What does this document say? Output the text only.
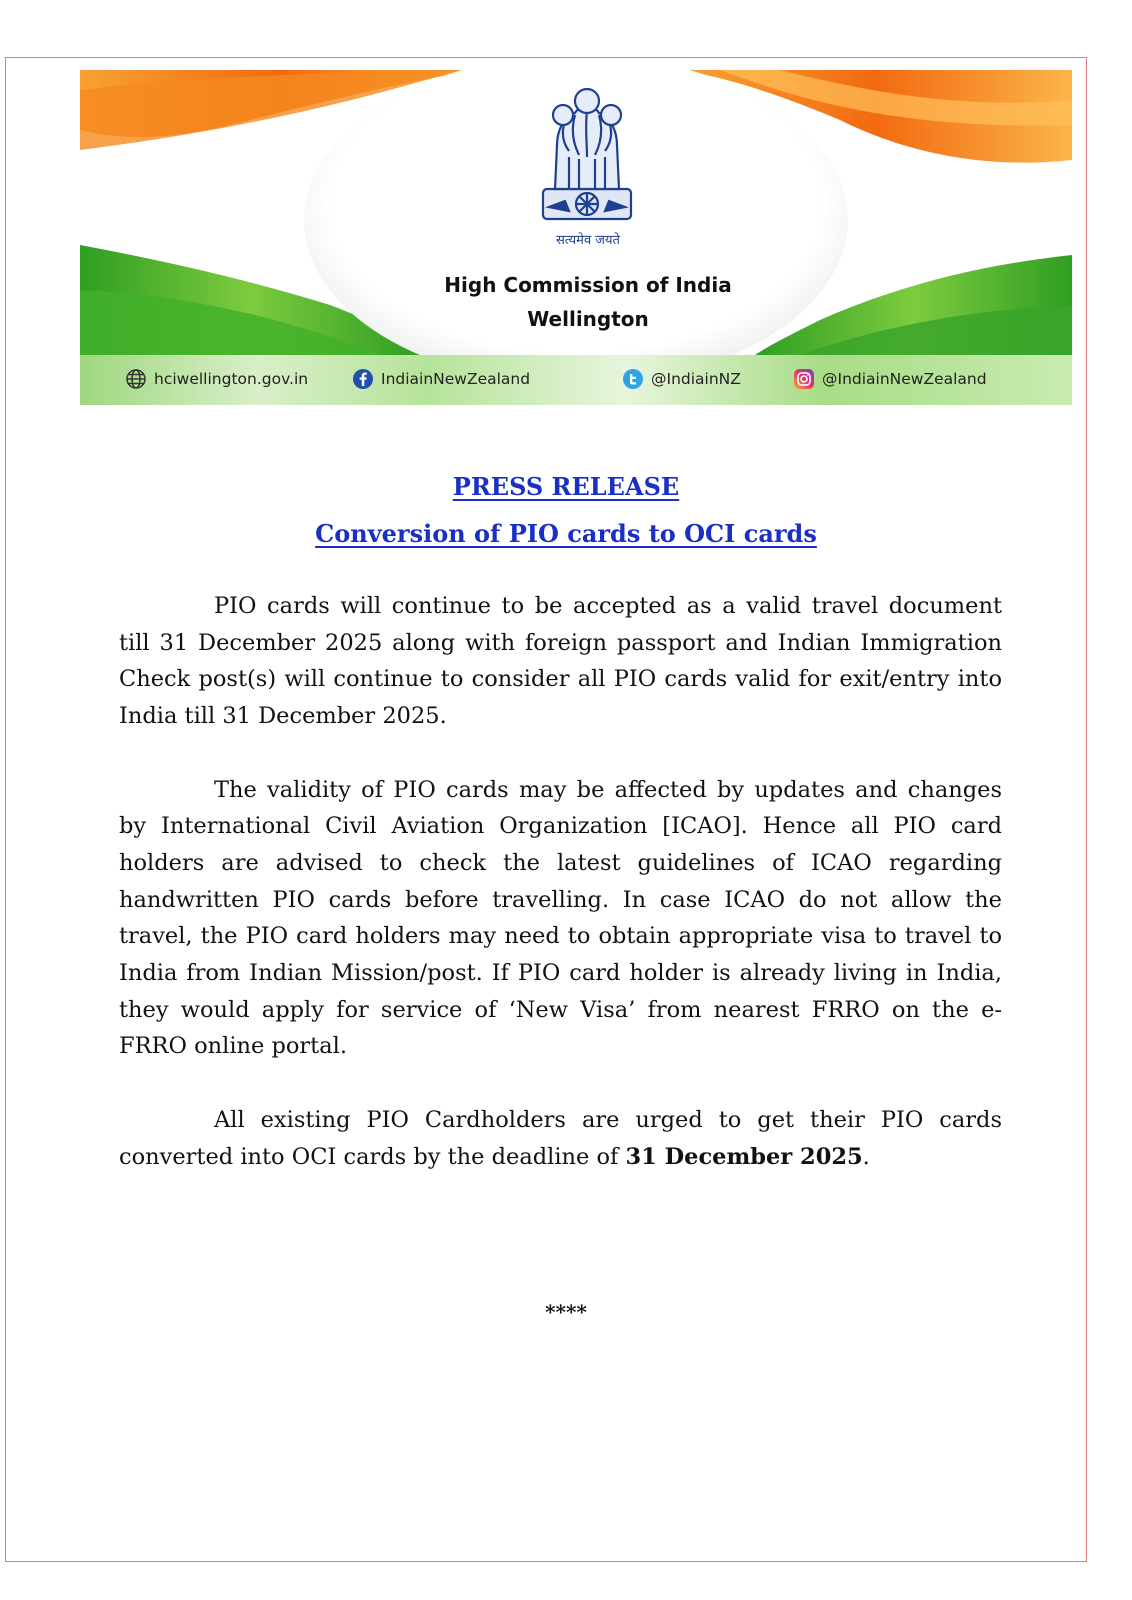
सत्यमेव जयते
High Commission of India
Wellington
hciwellington.gov.in	IndiainNewZealand	@IndiainNZ	@IndiainNewZealand
PRESS RELEASE
Conversion of PIO cards to OCI cards

PIO cards will continue to be accepted as a valid travel document till 31 December 2025 along with foreign passport and Indian Immigration Check post(s) will continue to consider all PIO cards valid for exit/entry into India till 31 December 2025.

The validity of PIO cards may be affected by updates and changes by International Civil Aviation Organization [ICAO]. Hence all PIO card holders are advised to check the latest guidelines of ICAO regarding handwritten PIO cards before travelling. In case ICAO do not allow the travel, the PIO card holders may need to obtain appropriate visa to travel to India from Indian Mission/post. If PIO card holder is already living in India, they would apply for service of ‘New Visa’ from nearest FRRO on the e-FRRO online portal.

All existing PIO Cardholders are urged to get their PIO cards converted into OCI cards by the deadline of 31 December 2025.

****
